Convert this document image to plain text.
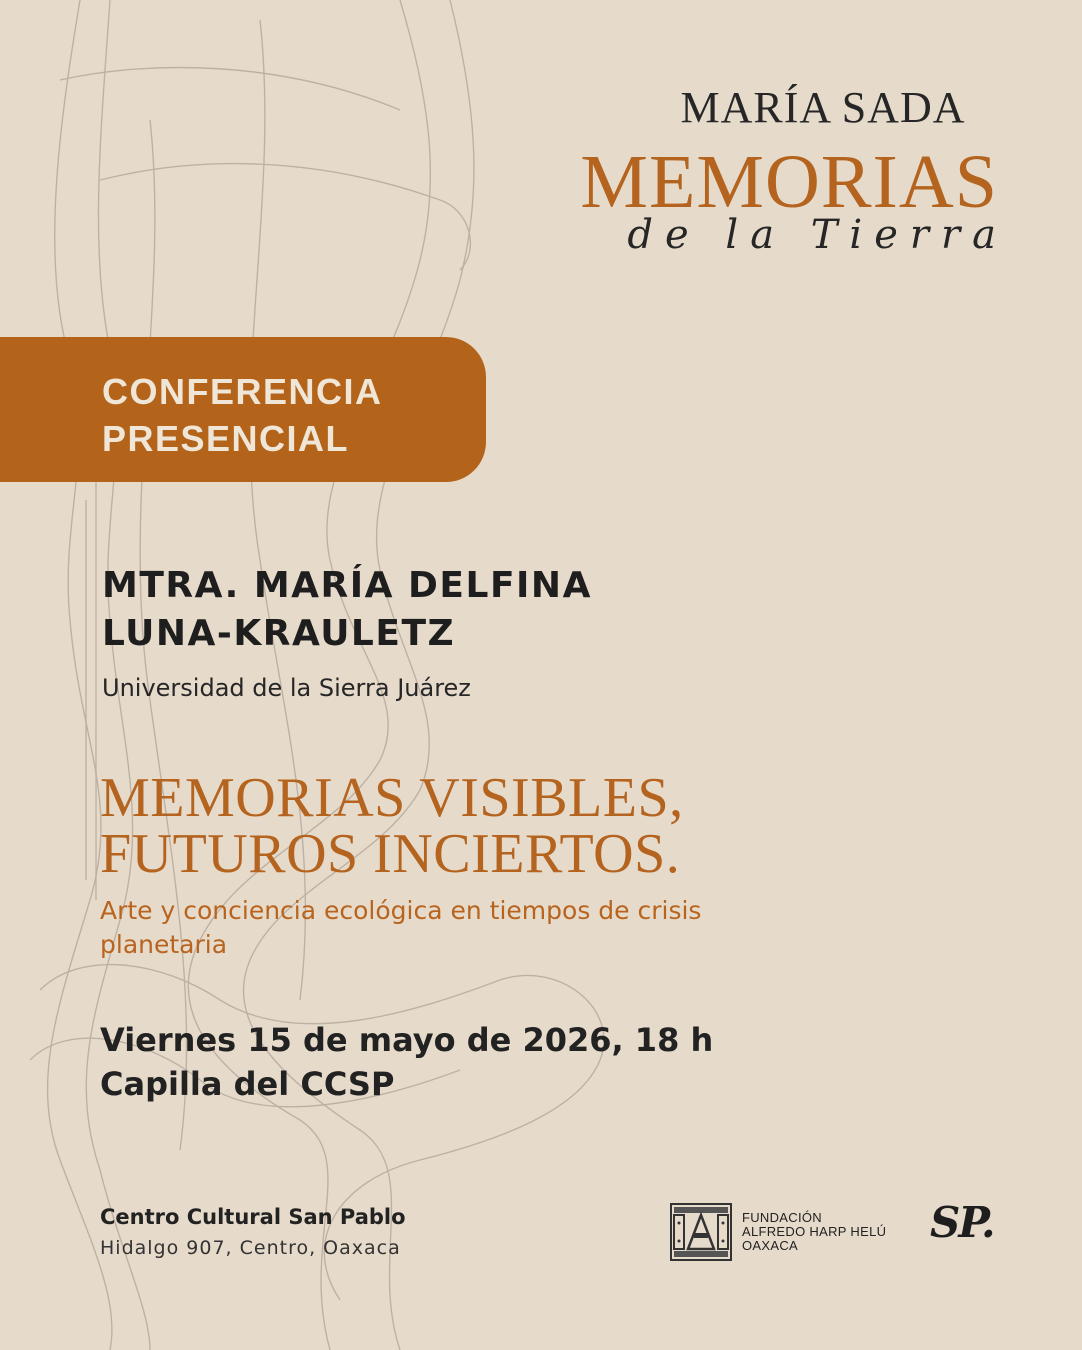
MARÍA SADA
MEMORIAS
de la Tierra
CONFERENCIA
PRESENCIAL
MTRA. MARÍA DELFINA
LUNA-KRAULETZ
Universidad de la Sierra Juárez
MEMORIAS VISIBLES,
FUTUROS INCIERTOS.
Arte y conciencia ecológica en tiempos de crisis planetaria
Viernes 15 de mayo de 2026, 18 h
Capilla del CCSP
Centro Cultural San Pablo
Hidalgo 907, Centro, Oaxaca
FUNDACIÓN
ALFREDO HARP HELÚ
OAXACA	SP.
